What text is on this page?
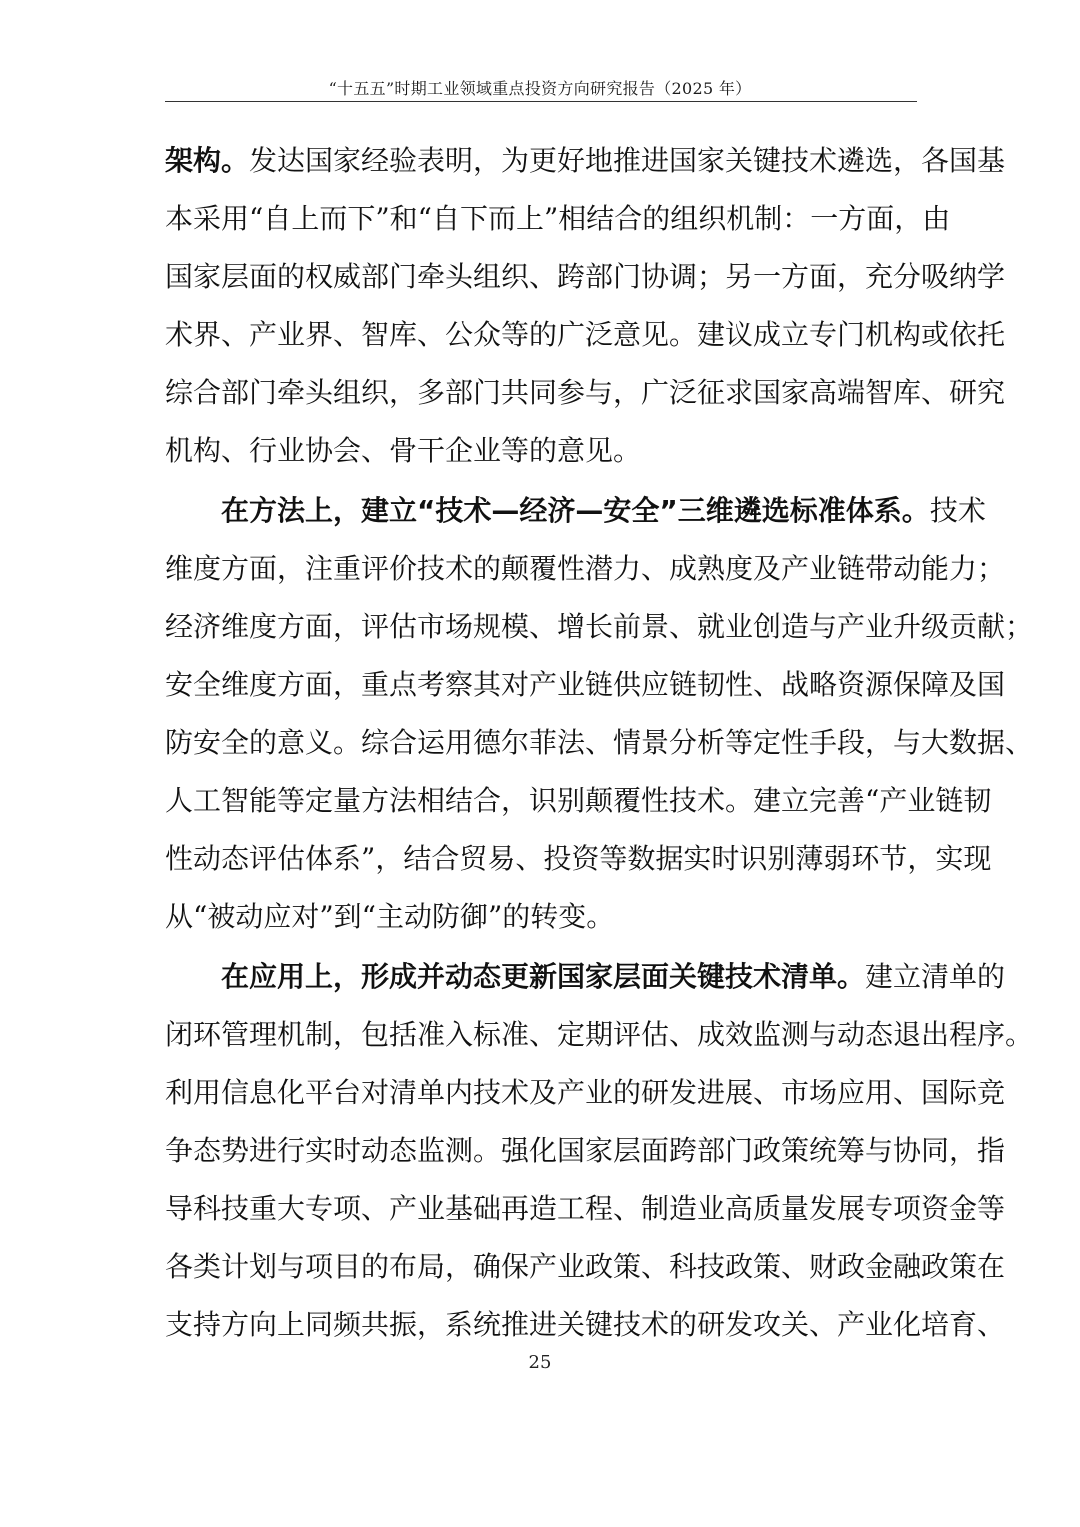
“十五五”时期工业领域重点投资方向研究报告（2025 年）
架构。发达国家经验表明，为更好地推进国家关键技术遴选，各国基
本采用“自上而下”和“自下而上”相结合的组织机制：一方面，由
国家层面的权威部门牵头组织、跨部门协调；另一方面，充分吸纳学
术界、产业界、智库、公众等的广泛意见。建议成立专门机构或依托
综合部门牵头组织，多部门共同参与，广泛征求国家高端智库、研究
机构、行业协会、骨干企业等的意见。
在方法上，建立“技术—经济—安全”三维遴选标准体系。技术
维度方面，注重评价技术的颠覆性潜力、成熟度及产业链带动能力；
经济维度方面，评估市场规模、增长前景、就业创造与产业升级贡献；
安全维度方面，重点考察其对产业链供应链韧性、战略资源保障及国
防安全的意义。综合运用德尔菲法、情景分析等定性手段，与大数据、
人工智能等定量方法相结合，识别颠覆性技术。建立完善“产业链韧
性动态评估体系”，结合贸易、投资等数据实时识别薄弱环节，实现
从“被动应对”到“主动防御”的转变。
在应用上，形成并动态更新国家层面关键技术清单。建立清单的
闭环管理机制，包括准入标准、定期评估、成效监测与动态退出程序。
利用信息化平台对清单内技术及产业的研发进展、市场应用、国际竞
争态势进行实时动态监测。强化国家层面跨部门政策统筹与协同，指
导科技重大专项、产业基础再造工程、制造业高质量发展专项资金等
各类计划与项目的布局，确保产业政策、科技政策、财政金融政策在
支持方向上同频共振，系统推进关键技术的研发攻关、产业化培育、
25
